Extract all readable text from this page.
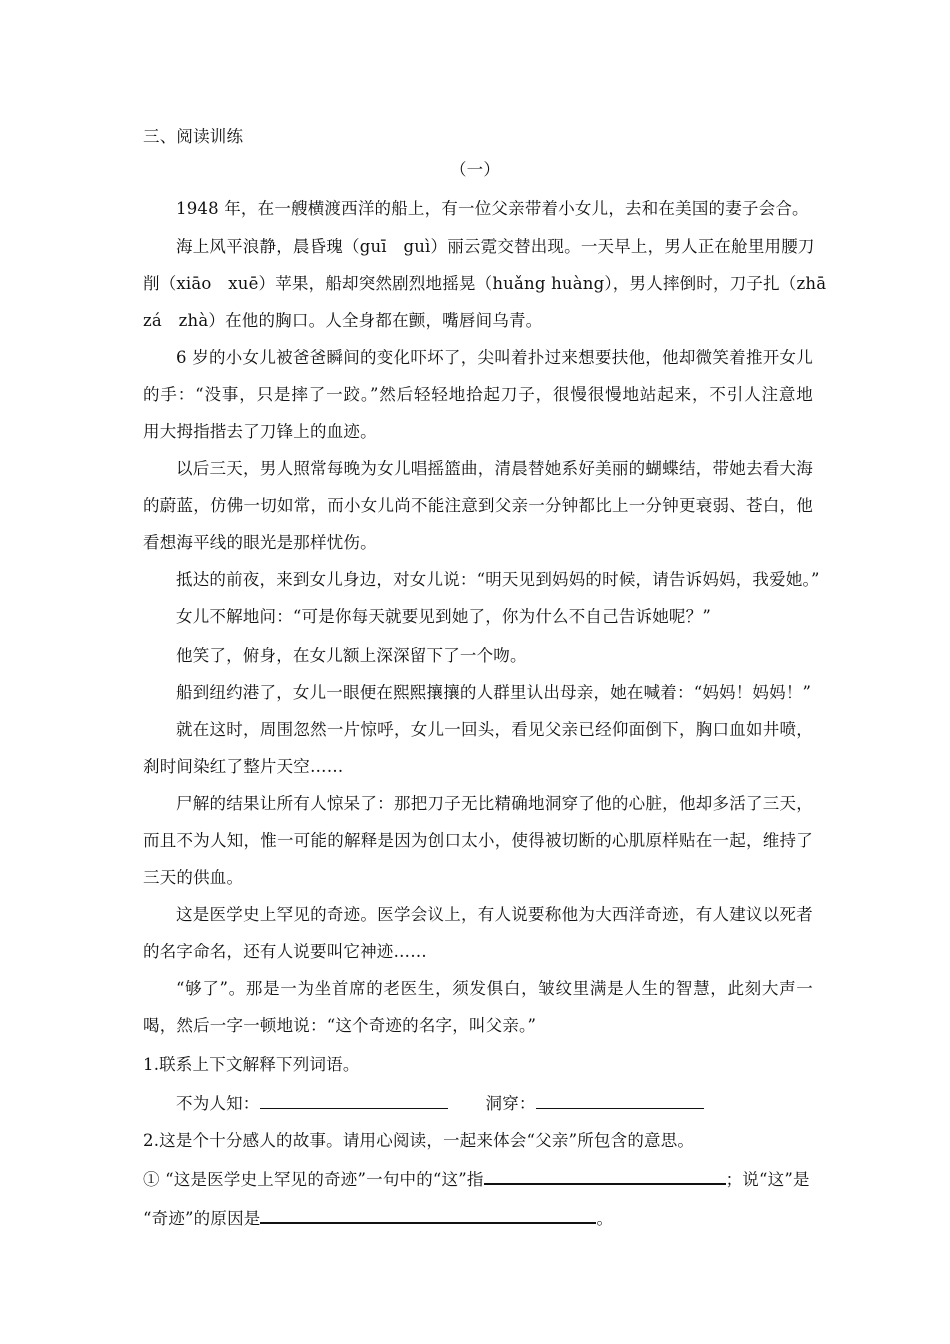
三、阅读训练
（一）
1948 年，在一艘横渡西洋的船上，有一位父亲带着小女儿，去和在美国的妻子会合。
海上风平浪静，晨昏瑰（guī　guì）丽云霓交替出现。一天早上，男人正在舱里用腰刀
削（xiāo　xuē）苹果，船却突然剧烈地摇晃（huǎng huàng），男人摔倒时，刀子扎（zhā
zá　zhà）在他的胸口。人全身都在颤，嘴唇间乌青。
6 岁的小女儿被爸爸瞬间的变化吓坏了，尖叫着扑过来想要扶他，他却微笑着推开女儿
的手：“没事，只是摔了一跤。”然后轻轻地拾起刀子，很慢很慢地站起来，不引人注意地
用大拇指揩去了刀锋上的血迹。
以后三天，男人照常每晚为女儿唱摇篮曲，清晨替她系好美丽的蝴蝶结，带她去看大海
的蔚蓝，仿佛一切如常，而小女儿尚不能注意到父亲一分钟都比上一分钟更衰弱、苍白，他
看想海平线的眼光是那样忧伤。
抵达的前夜，来到女儿身边，对女儿说：“明天见到妈妈的时候，请告诉妈妈，我爱她。”
女儿不解地问：“可是你每天就要见到她了，你为什么不自己告诉她呢？”
他笑了，俯身，在女儿额上深深留下了一个吻。
船到纽约港了，女儿一眼便在熙熙攘攘的人群里认出母亲，她在喊着：“妈妈！妈妈！”
就在这时，周围忽然一片惊呼，女儿一回头，看见父亲已经仰面倒下，胸口血如井喷，
刹时间染红了整片天空……
尸解的结果让所有人惊呆了：那把刀子无比精确地洞穿了他的心脏，他却多活了三天，
而且不为人知，惟一可能的解释是因为创口太小，使得被切断的心肌原样贴在一起，维持了
三天的供血。
这是医学史上罕见的奇迹。医学会议上，有人说要称他为大西洋奇迹，有人建议以死者
的名字命名，还有人说要叫它神迹……
“够了”。那是一为坐首席的老医生，须发俱白，皱纹里满是人生的智慧，此刻大声一
喝，然后一字一顿地说：“这个奇迹的名字，叫父亲。”
1.联系上下文解释下列词语。
不为人知：	洞穿：
2.这是个十分感人的故事。请用心阅读，一起来体会“父亲”所包含的意思。
① “这是医学史上罕见的奇迹”一句中的“这”指	；说“这”是
“奇迹”的原因是	。
